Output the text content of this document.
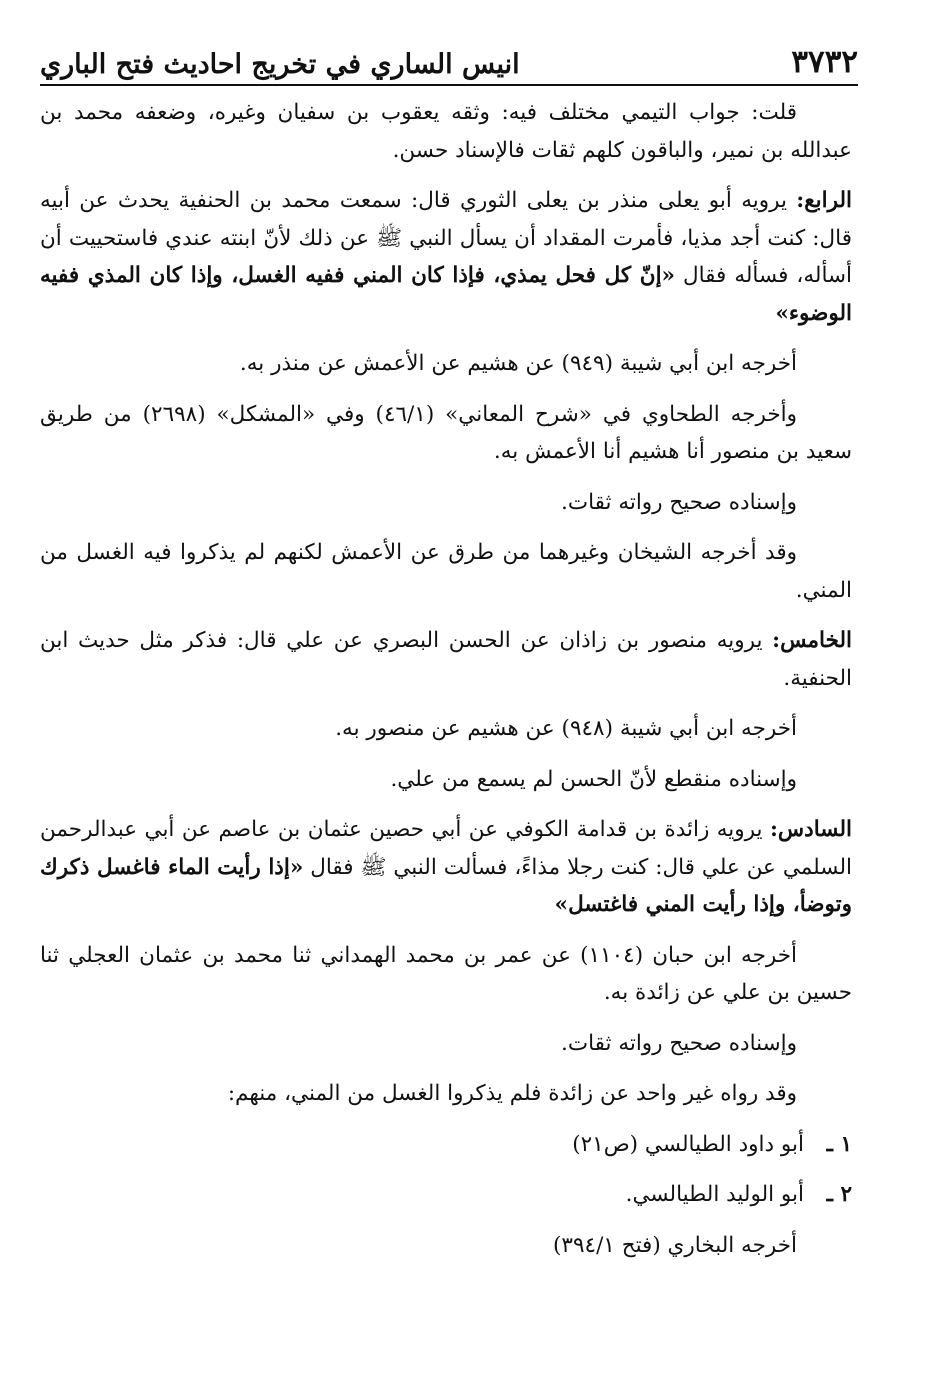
٣٧٣٢
انيس الساري في تخريج احاديث فتح الباري

قلت: جواب التيمي مختلف فيه: وثقه يعقوب بن سفيان وغيره، وضعفه محمد بن عبدالله بن نمير، والباقون كلهم ثقات فالإسناد حسن.

الرابع: يرويه أبو يعلى منذر بن يعلى الثوري قال: سمعت محمد بن الحنفية يحدث عن أبيه قال: كنت أجد مذيا، فأمرت المقداد أن يسأل النبي ﷺ عن ذلك لأنّ ابنته عندي فاستحييت أن أسأله، فسأله فقال «إنّ كل فحل يمذي، فإذا كان المني ففيه الغسل، وإذا كان المذي ففيه الوضوء»

أخرجه ابن أبي شيبة (٩٤٩) عن هشيم عن الأعمش عن منذر به.

وأخرجه الطحاوي في «شرح المعاني» (٤٦/١) وفي «المشكل» (٢٦٩٨) من طريق سعيد بن منصور أنا هشيم أنا الأعمش به.

وإسناده صحيح رواته ثقات.

وقد أخرجه الشيخان وغيرهما من طرق عن الأعمش لكنهم لم يذكروا فيه الغسل من المني.

الخامس: يرويه منصور بن زاذان عن الحسن البصري عن علي قال: فذكر مثل حديث ابن الحنفية.

أخرجه ابن أبي شيبة (٩٤٨) عن هشيم عن منصور به.

وإسناده منقطع لأنّ الحسن لم يسمع من علي.

السادس: يرويه زائدة بن قدامة الكوفي عن أبي حصين عثمان بن عاصم عن أبي عبدالرحمن السلمي عن علي قال: كنت رجلا مذاءً، فسألت النبي ﷺ فقال «إذا رأيت الماء فاغسل ذكرك وتوضأ، وإذا رأيت المني فاغتسل»

أخرجه ابن حبان (١١٠٤) عن عمر بن محمد الهمداني ثنا محمد بن عثمان العجلي ثنا حسين بن علي عن زائدة به.

وإسناده صحيح رواته ثقات.

وقد رواه غير واحد عن زائدة فلم يذكروا الغسل من المني، منهم:

١ ـأبو داود الطيالسي (ص٢١)

٢ ـأبو الوليد الطيالسي.

أخرجه البخاري (فتح ٣٩٤/١)
